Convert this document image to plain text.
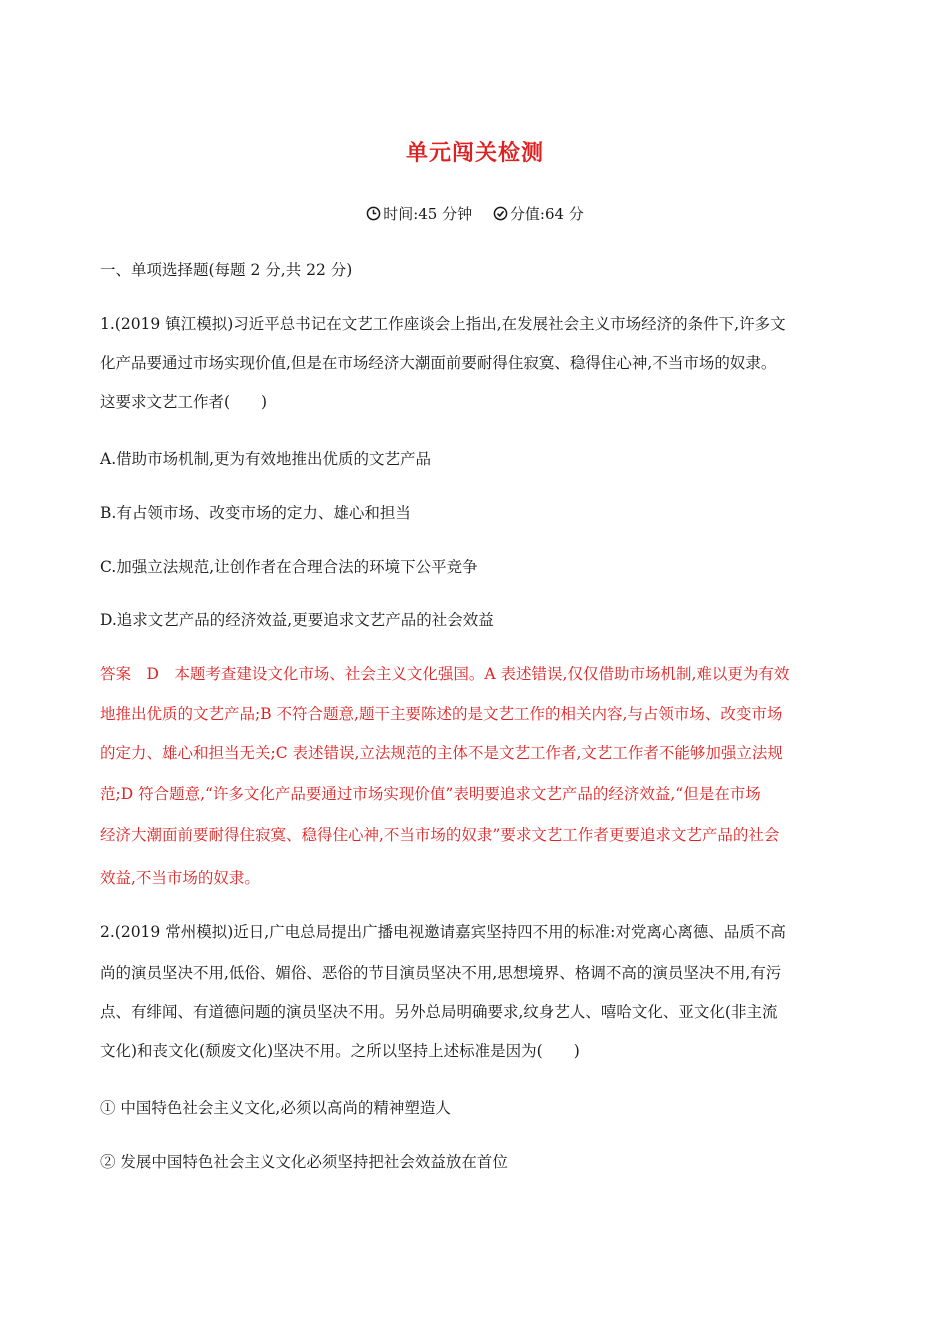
单元闯关检测
时间:45 分钟
	分值:64 分
一、单项选择题(每题 2 分,共 22 分)
1.(2019 镇江模拟)习近平总书记在文艺工作座谈会上指出,在发展社会主义市场经济的条件下,许多文
化产品要通过市场实现价值,但是在市场经济大潮面前要耐得住寂寞、稳得住心神,不当市场的奴隶。
这要求文艺工作者(　　)
A.借助市场机制,更为有效地推出优质的文艺产品
B.有占领市场、改变市场的定力、雄心和担当
C.加强立法规范,让创作者在合理合法的环境下公平竞争
D.追求文艺产品的经济效益,更要追求文艺产品的社会效益
答案　D　本题考查建设文化市场、社会主义文化强国。A 表述错误,仅仅借助市场机制,难以更为有效
地推出优质的文艺产品;B 不符合题意,题干主要陈述的是文艺工作的相关内容,与占领市场、改变市场
的定力、雄心和担当无关;C 表述错误,立法规范的主体不是文艺工作者,文艺工作者不能够加强立法规
范;D 符合题意,“许多文化产品要通过市场实现价值”表明要追求文艺产品的经济效益,“但是在市场
经济大潮面前要耐得住寂寞、稳得住心神,不当市场的奴隶”要求文艺工作者更要追求文艺产品的社会
效益,不当市场的奴隶。
2.(2019 常州模拟)近日,广电总局提出广播电视邀请嘉宾坚持四不用的标准:对党离心离德、品质不高
尚的演员坚决不用,低俗、媚俗、恶俗的节目演员坚决不用,思想境界、格调不高的演员坚决不用,有污
点、有绯闻、有道德问题的演员坚决不用。另外总局明确要求,纹身艺人、嘻哈文化、亚文化(非主流
文化)和丧文化(颓废文化)坚决不用。之所以坚持上述标准是因为(　　)
① 中国特色社会主义文化,必须以高尚的精神塑造人
② 发展中国特色社会主义文化必须坚持把社会效益放在首位
